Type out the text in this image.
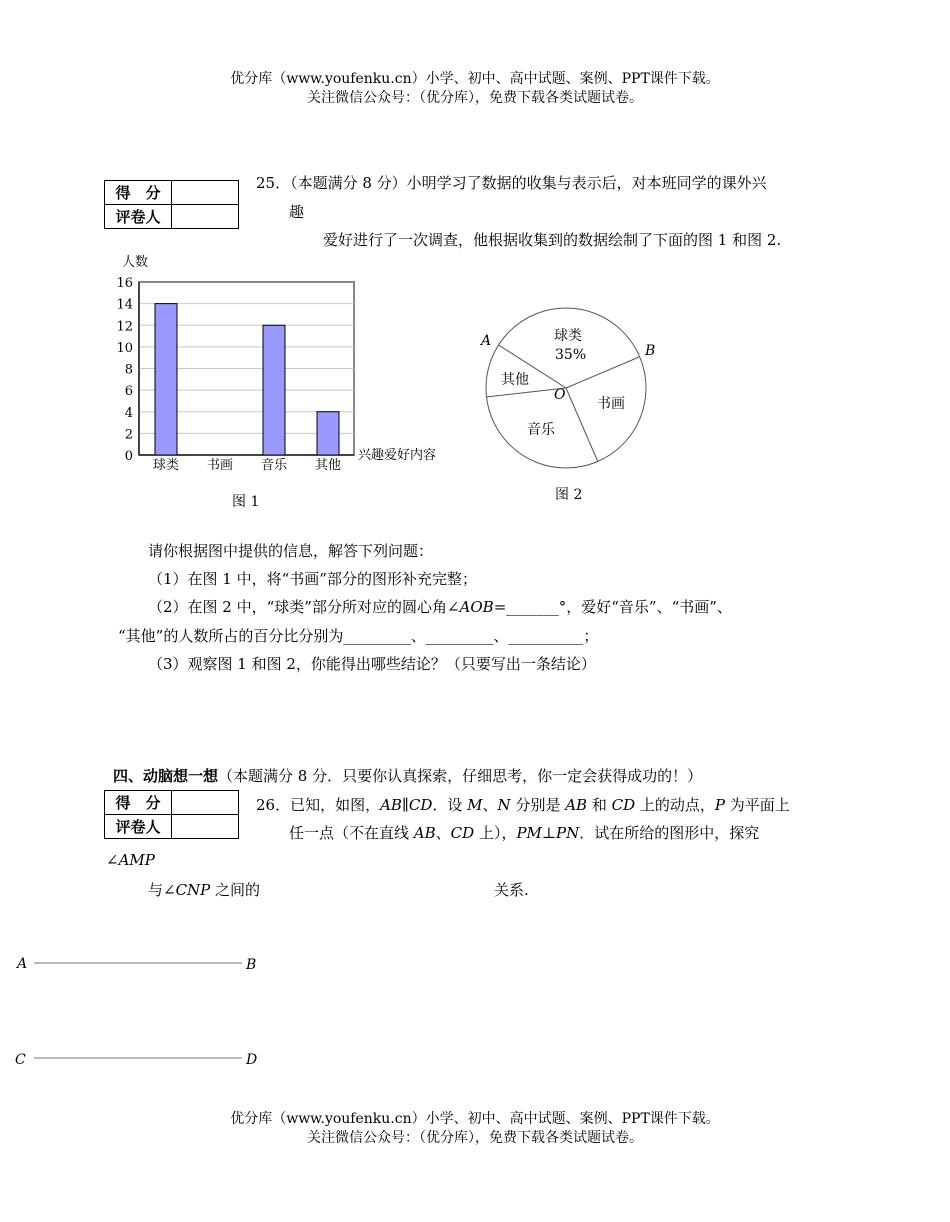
优分库（www.youfenku.cn）小学、初中、高中试题、案例、PPT课件下载。
关注微信公众号：（优分库），免费下载各类试题试卷。
得　分	
评卷人	
25．（本题满分 8 分）小明学习了数据的收集与表示后，对本班同学的课外兴
趣
爱好进行了一次调查，他根据收集到的数据绘制了下面的图 1 和图 2.
人数
0
2
4
6
8
10
12
14
16
球类 书画 音乐 其他
兴趣爱好内容
图 1
A
B
O
球类
35%
其他
音乐
书画
图 2
请你根据图中提供的信息，解答下列问题：
（1）在图 1 中，将“书画”部分的图形补充完整；
（2）在图 2 中，“球类”部分所对应的圆心角∠AOB=_______°，爱好“音乐”、“书画”、
“其他”的人数所占的百分比分别为_________、_________、__________；
（3）观察图 1 和图 2，你能得出哪些结论？（只要写出一条结论）
四、动脑想一想（本题满分 8 分．只要你认真探索，仔细思考，你一定会获得成功的！）
得　分	
评卷人	
26．已知，如图，AB∥CD．设 M、N 分别是 AB 和 CD 上的动点，P 为平面上
任一点（不在直线 AB、CD 上），PM⊥PN．试在所给的图形中，探究
∠AMP
与∠CNP 之间的	关系.
A	B
C	D
优分库（www.youfenku.cn）小学、初中、高中试题、案例、PPT课件下载。
关注微信公众号：（优分库），免费下载各类试题试卷。
